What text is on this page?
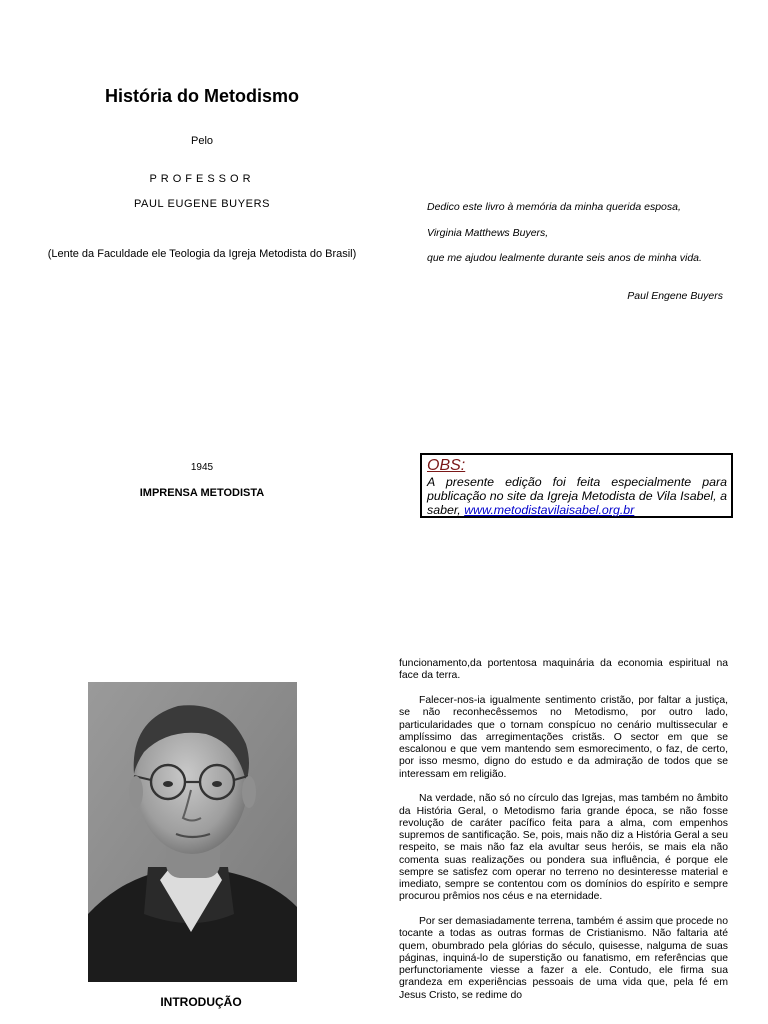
História do Metodismo
Pelo
PROFESSOR
PAUL EUGENE BUYERS
(Lente da Faculdade ele Teologia da Igreja Metodista do Brasil)
Dedico este livro à memória da minha querida esposa,
Virginia Matthews Buyers,
que me ajudou lealmente durante seis anos de minha vida.
Paul Engene Buyers
1945
IMPRENSA METODISTA
OBS:
A presente edição foi feita especialmente para publicação no site da Igreja Metodista de Vila Isabel, a saber, www.metodistavilaisabel.org.br
INTRODUÇÃO

funcionamento,da portentosa maquinária da economia espiritual na face da terra.

Falecer-nos-ia igualmente sentimento cristão, por faltar a justiça, se não reconhecêssemos no Metodismo, por outro lado, particularidades que o tornam conspícuo no cenário multissecular e amplíssimo das arregimentações cristãs. O sector em que se escalonou e que vem mantendo sem esmorecimento, o faz, de certo, por isso mesmo, digno do estudo e da admiração de todos que se interessam em religião.

Na verdade, não só no círculo das Igrejas, mas também no âmbito da História Geral, o Metodismo faria grande época, se não fosse revolução de caráter pacífico feita para a alma, com empenhos supremos de santificação. Se, pois, mais não diz a História Geral a seu respeito, se mais não faz ela avultar seus heróis, se mais ela não comenta suas realizações ou pondera sua influência, é porque ele sempre se satisfez com operar no terreno no desinteresse material e imediato, sempre se contentou com os domínios do espírito e sempre procurou prêmios nos céus e na eternidade.

Por ser demasiadamente terrena, também é assim que procede no tocante a todas as outras formas de Cristianismo. Não faltaria até quem, obumbrado pela glórias do século, quisesse, nalguma de suas páginas, inquiná-lo de superstição ou fanatismo, em referências que perfunctoriamente viesse a fazer a ele. Contudo, ele firma sua grandeza em experiências pessoais de uma vida que, pela fé em Jesus Cristo, se redime do
